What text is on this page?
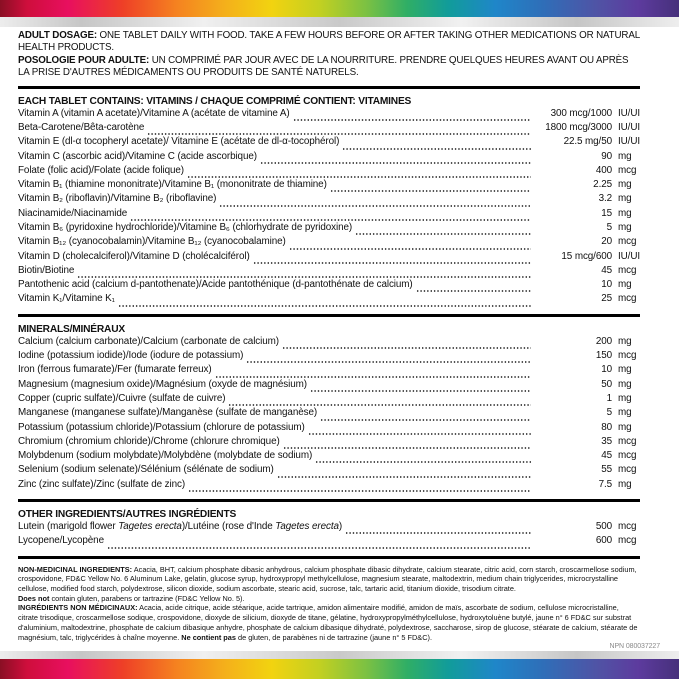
ADULT DOSAGE: ONE TABLET DAILY WITH FOOD. TAKE A FEW HOURS BEFORE OR AFTER TAKING OTHER MEDICATIONS OR NATURAL HEALTH PRODUCTS.
POSOLOGIE POUR ADULTE: UN COMPRIMÉ PAR JOUR AVEC DE LA NOURRITURE. PRENDRE QUELQUES HEURES AVANT OU APRÈS LA PRISE D'AUTRES MÉDICAMENTS OU PRODUITS DE SANTÉ NATURELS.
EACH TABLET CONTAINS: VITAMINS / CHAQUE COMPRIMÉ CONTIENT: VITAMINES
Vitamin A (vitamin A acetate)/Vitamine A (acétate de vitamine A)	300 mcg/1000 IU/UI
Beta-Carotene/Bêta-carotène	1800 mcg/3000 IU/UI
Vitamin E (dl-α tocopheryl acetate)/ Vitamine E (acétate de dl-α-tocophérol)	22.5 mg/50 IU/UI
Vitamin C (ascorbic acid)/Vitamine C (acide ascorbique)	90 mg
Folate (folic acid)/Folate (acide folique)	400 mcg
Vitamin B₁ (thiamine mononitrate)/Vitamine B₁ (mononitrate de thiamine)	2.25 mg
Vitamin B₂ (riboflavin)/Vitamine B₂ (riboflavine)	3.2 mg
Niacinamide/Niacinamide	15 mg
Vitamin B₆ (pyridoxine hydrochloride)/Vitamine B₆ (chlorhydrate de pyridoxine)	5 mg
Vitamin B₁₂ (cyanocobalamin)/Vitamine B₁₂ (cyanocobalamine)	20 mcg
Vitamin D (cholecalciferol)/Vitamine D (cholécalciférol)	15 mcg/600 IU/UI
Biotin/Biotine	45 mcg
Pantothenic acid (calcium d-pantothenate)/Acide pantothénique (d-pantothénate de calcium)	10 mg
Vitamin K₁/Vitamine K₁	25 mcg
MINERALS/MINÉRAUX
Calcium (calcium carbonate)/Calcium (carbonate de calcium)	200 mg
Iodine (potassium iodide)/Iode (iodure de potassium)	150 mcg
Iron (ferrous fumarate)/Fer (fumarate ferreux)	10 mg
Magnesium (magnesium oxide)/Magnésium (oxyde de magnésium)	50 mg
Copper (cupric sulfate)/Cuivre (sulfate de cuivre)	1 mg
Manganese (manganese sulfate)/Manganèse (sulfate de manganèse)	5 mg
Potassium (potassium chloride)/Potassium (chlorure de potassium)	80 mg
Chromium (chromium chloride)/Chrome (chlorure chromique)	35 mcg
Molybdenum (sodium molybdate)/Molybdène (molybdate de sodium)	45 mcg
Selenium (sodium selenate)/Sélénium (sélénate de sodium)	55 mcg
Zinc (zinc sulfate)/Zinc (sulfate de zinc)	7.5 mg
OTHER INGREDIENTS/AUTRES INGRÉDIENTS
Lutein (marigold flower Tagetes erecta)/Lutéine (rose d'Inde Tagetes erecta)	500 mcg
Lycopene/Lycopène	600 mcg

NON-MEDICINAL INGREDIENTS: Acacia, BHT, calcium phosphate dibasic anhydrous, calcium phosphate dibasic dihydrate, calcium stearate, citric acid, corn starch, croscarmellose sodium, crospovidone, FD&C Yellow No. 6 Aluminum Lake, gelatin, glucose syrup, hydroxypropyl methylcellulose, magnesium stearate, maltodextrin, medium chain triglycerides, microcrystalline cellulose, modified food starch, polydextrose, silicon dioxide, sodium ascorbate, stearic acid, sucrose, talc, tartaric acid, titanium dioxide, trisodium citrate.

Does not contain gluten, parabens or tartrazine (FD&C Yellow No. 5).

INGRÉDIENTS NON MÉDICINAUX: Acacia, acide citrique, acide stéarique, acide tartrique, amidon alimentaire modifié, amidon de maïs, ascorbate de sodium, cellulose microcristalline, citrate trisodique, croscarmellose sodique, crospovidone, dioxyde de silicium, dioxyde de titane, gélatine, hydroxypropylméthylcellulose, hydroxytoluène butylé, jaune n° 6 FD&C sur substrat d'aluminium, maltodextrine, phosphate de calcium dibasique anhydre, phosphate de calcium dibasique dihydraté, polydextrose, saccharose, sirop de glucose, stéarate de calcium, stéarate de magnésium, talc, triglycérides à chaîne moyenne. Ne contient pas de gluten, de parabènes ni de tartrazine (jaune n° 5 FD&C).

NPN 080037227
